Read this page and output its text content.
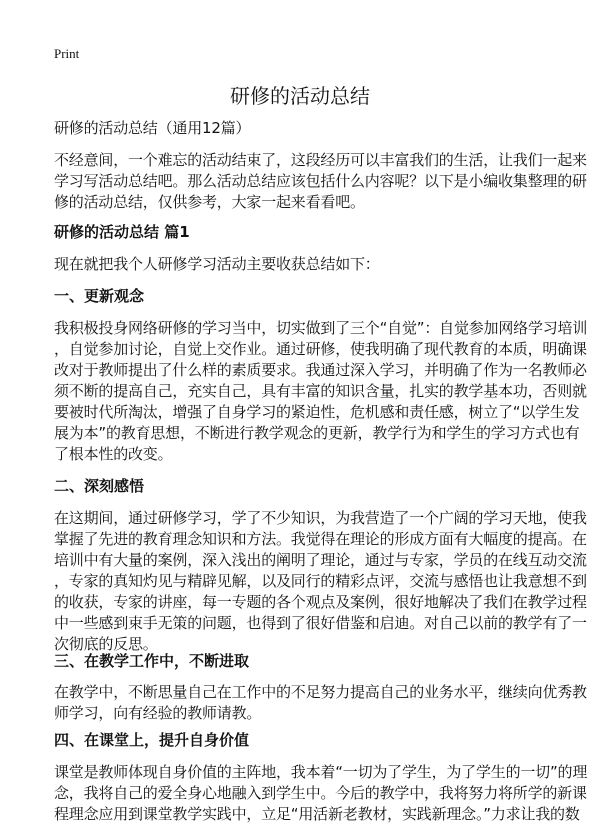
Print
研修的活动总结
研修的活动总结（通用12篇）
不经意间，一个难忘的活动结束了，这段经历可以丰富我们的生活，让我们一起来
学习写活动总结吧。那么活动总结应该包括什么内容呢？以下是小编收集整理的研
修的活动总结，仅供参考，大家一起来看看吧。
研修的活动总结 篇1
现在就把我个人研修学习活动主要收获总结如下：
一、更新观念
我积极投身网络研修的学习当中，切实做到了三个“自觉”：自觉参加网络学习培训
，自觉参加讨论，自觉上交作业。通过研修，使我明确了现代教育的本质，明确课
改对于教师提出了什么样的素质要求。我通过深入学习，并明确了作为一名教师必
须不断的提高自己，充实自己，具有丰富的知识含量，扎实的教学基本功，否则就
要被时代所淘汰，增强了自身学习的紧迫性，危机感和责任感，树立了“以学生发
展为本”的教育思想，不断进行教学观念的更新，教学行为和学生的学习方式也有
了根本性的改变。
二、深刻感悟
在这期间，通过研修学习，学了不少知识，为我营造了一个广阔的学习天地，使我
掌握了先进的教育理念知识和方法。我觉得在理论的形成方面有大幅度的提高。在
培训中有大量的案例，深入浅出的阐明了理论，通过与专家，学员的在线互动交流
，专家的真知灼见与精辟见解，以及同行的精彩点评，交流与感悟也让我意想不到
的收获，专家的讲座，每一专题的各个观点及案例，很好地解决了我们在教学过程
中一些感到束手无策的问题，也得到了很好借鉴和启迪。对自己以前的教学有了一
次彻底的反思。
三、在教学工作中，不断进取
在教学中，不断思量自己在工作中的不足努力提高自己的业务水平，继续向优秀教
师学习，向有经验的教师请教。
四、在课堂上，提升自身价值
课堂是教师体现自身价值的主阵地，我本着“一切为了学生，为了学生的一切”的理
念，我将自己的爱全身心地融入到学生中。今后的教学中，我将努力将所学的新课
程理念应用到课堂教学实践中，立足“用活新老教材，实践新理念。”力求让我的数
